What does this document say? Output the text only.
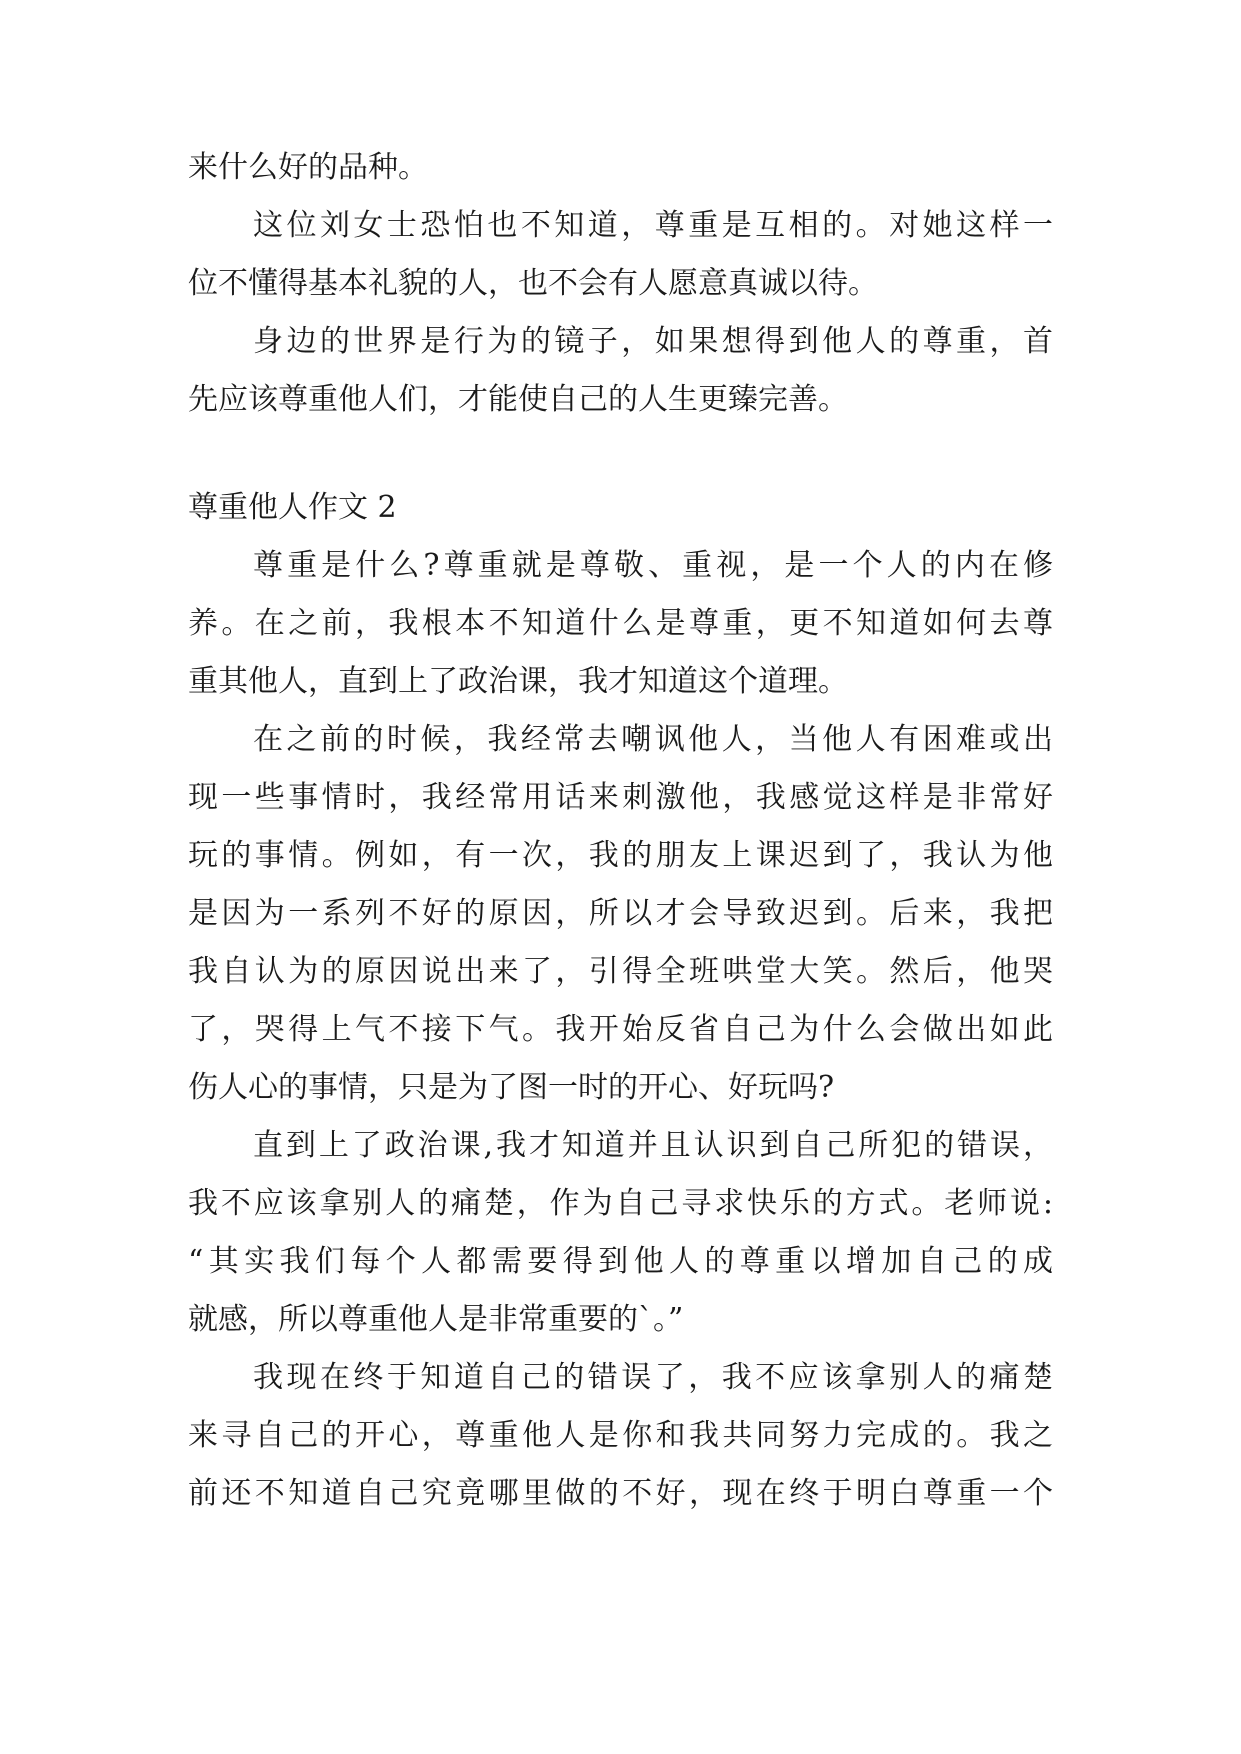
来什么好的品种。
这位刘女士恐怕也不知道，尊重是互相的。对她这样一
位不懂得基本礼貌的人，也不会有人愿意真诚以待。
身边的世界是行为的镜子，如果想得到他人的尊重，首
先应该尊重他人们，才能使自己的人生更臻完善。
尊重他人作文 2
尊重是什么?尊重就是尊敬、重视，是一个人的内在修
养。在之前，我根本不知道什么是尊重，更不知道如何去尊
重其他人，直到上了政治课，我才知道这个道理。
在之前的时候，我经常去嘲讽他人，当他人有困难或出
现一些事情时，我经常用话来刺激他，我感觉这样是非常好
玩的事情。例如，有一次，我的朋友上课迟到了，我认为他
是因为一系列不好的原因，所以才会导致迟到。后来，我把
我自认为的原因说出来了，引得全班哄堂大笑。然后，他哭
了，哭得上气不接下气。我开始反省自己为什么会做出如此
伤人心的事情，只是为了图一时的开心、好玩吗?
直到上了政治课,我才知道并且认识到自己所犯的错误，
我不应该拿别人的痛楚，作为自己寻求快乐的方式。老师说:
“其实我们每个人都需要得到他人的尊重以增加自己的成
就感，所以尊重他人是非常重要的`。”
我现在终于知道自己的错误了，我不应该拿别人的痛楚
来寻自己的开心，尊重他人是你和我共同努力完成的。我之
前还不知道自己究竟哪里做的不好，现在终于明白尊重一个
